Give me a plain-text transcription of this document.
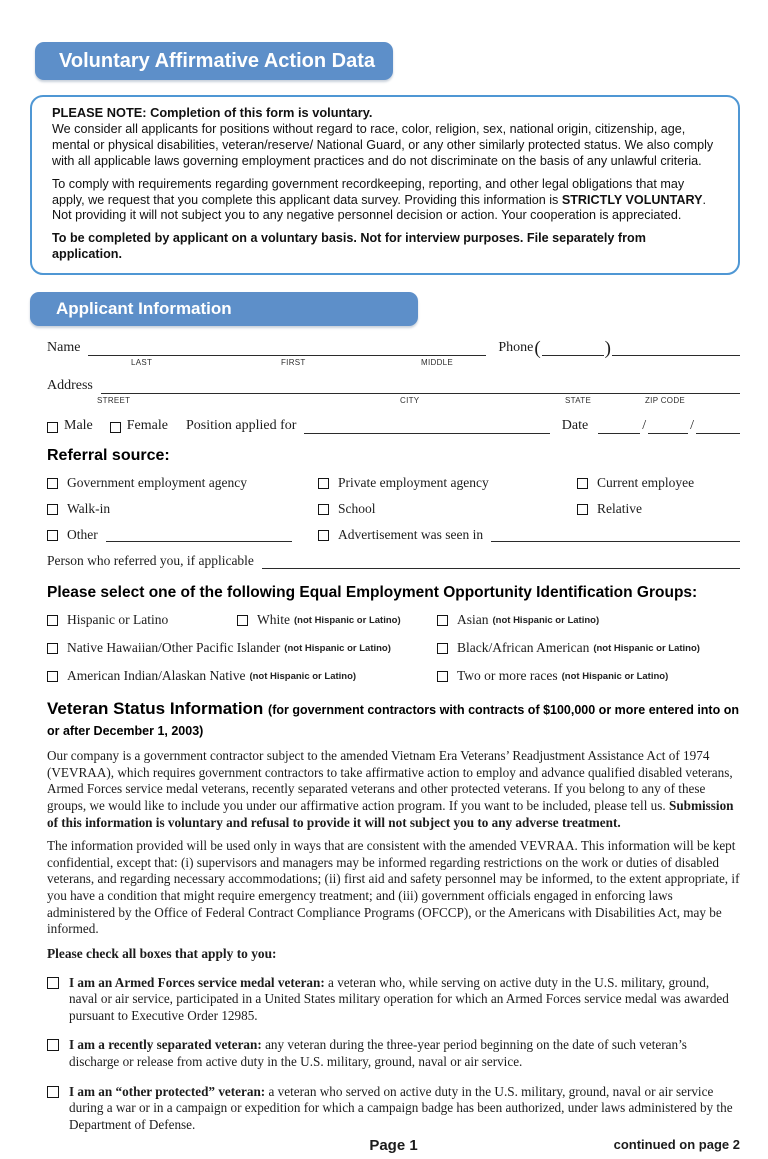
Voluntary Affirmative Action Data

PLEASE NOTE: Completion of this form is voluntary.

We consider all applicants for positions without regard to race, color, religion, sex, national origin, citizenship, age, mental or physical disabilities, veteran/reserve/ National Guard, or any other similarly protected status. We also comply with all applicable laws governing employment practices and do not discriminate on the basis of any unlawful criteria.

To comply with requirements regarding government recordkeeping, reporting, and other legal obligations that may apply, we request that you complete this applicant data survey. Providing this information is STRICTLY VOLUNTARY. Not providing it will not subject you to any negative personnel decision or action. Your cooperation is appreciated.

To be completed by applicant on a voluntary basis. Not for interview purposes. File separately from application.

Applicant Information
Name	Phone (	)
LAST	FIRST	MIDDLE
Address
STREET	CITY	STATE	ZIP CODE
Male Female Position applied for	Date	/	/
Referral source:
Government employment agency	Private employment agency	Current employee
Walk-in	School	Relative
Other	Advertisement was seen in
Person who referred you, if applicable
Please select one of the following Equal Employment Opportunity Identification Groups:
Hispanic or Latino	White (not Hispanic or Latino)	Asian (not Hispanic or Latino)
Native Hawaiian/Other Pacific Islander (not Hispanic or Latino)	Black/African American (not Hispanic or Latino)
American Indian/Alaskan Native (not Hispanic or Latino)	Two or more races (not Hispanic or Latino)
Veteran Status Information (for government contractors with contracts of $100,000 or more entered into on or after December 1, 2003)

Our company is a government contractor subject to the amended Vietnam Era Veterans’ Readjustment Assistance Act of 1974 (VEVRAA), which requires government contractors to take affirmative action to employ and advance qualified disabled veterans, Armed Forces service medal veterans, recently separated veterans and other protected veterans. If you belong to any of these groups, we would like to include you under our affirmative action program. If you want to be included, please tell us. Submission of this information is voluntary and refusal to provide it will not subject you to any adverse treatment.

The information provided will be used only in ways that are consistent with the amended VEVRAA. This information will be kept confidential, except that: (i) supervisors and managers may be informed regarding restrictions on the work or duties of disabled veterans, and regarding necessary accommodations; (ii) first aid and safety personnel may be informed, to the extent appropriate, if you have a condition that might require emergency treatment; and (iii) government officials engaged in enforcing laws administered by the Office of Federal Contract Compliance Programs (OFCCP), or the Americans with Disabilities Act, may be informed.

Please check all boxes that apply to you:

I am an Armed Forces service medal veteran: a veteran who, while serving on active duty in the U.S. military, ground, naval or air service, participated in a United States military operation for which an Armed Forces service medal was awarded pursuant to Executive Order 12985.
I am a recently separated veteran: any veteran during the three-year period beginning on the date of such veteran’s discharge or release from active duty in the U.S. military, ground, naval or air service.
I am an “other protected” veteran: a veteran who served on active duty in the U.S. military, ground, naval or air service during a war or in a campaign or expedition for which a campaign badge has been authorized, under laws administered by the Department of Defense.
Page 1	continued on page 2
